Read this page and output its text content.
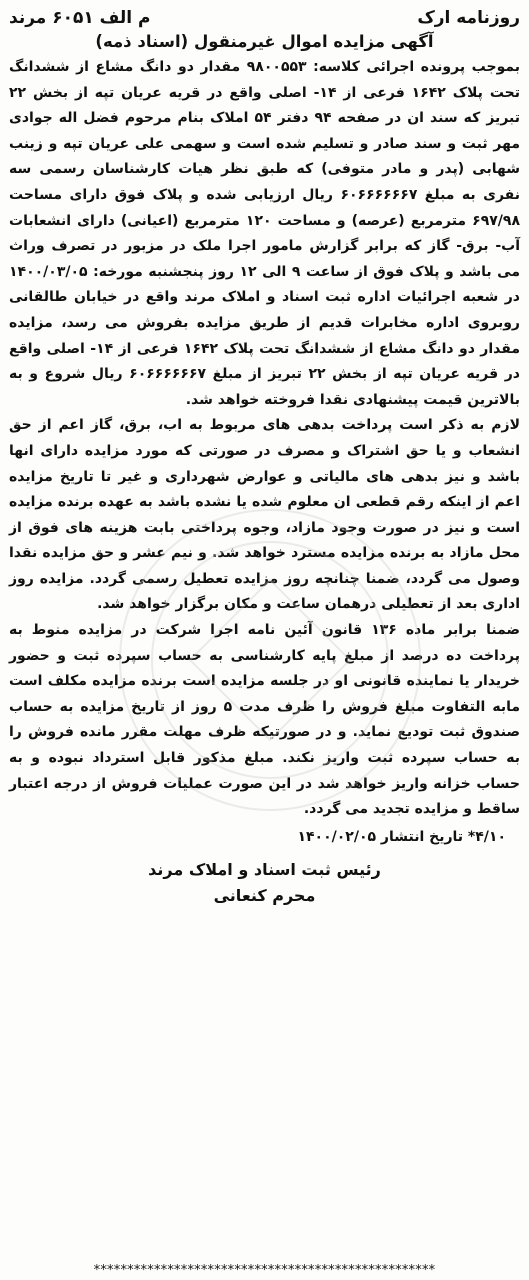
روزنامه ارک
م الف ۶۰۵۱ مرند
آگهی مزایده اموال غیرمنقول (اسناد ذمه)

بموجب پرونده اجرائی کلاسه: ۹۸۰۰۵۵۳ مقدار دو دانگ مشاع از ششدانگ تحت پلاک ۱۶۴۲ فرعی از ۱۴- اصلی واقع در قریه عریان تپه از بخش ۲۲ تبریز که سند ان در صفحه ۹۴ دفتر ۵۴ املاک بنام مرحوم فضل اله جوادی مهر ثبت و سند صادر و تسلیم شده است و سهمی علی عریان تپه و زینب شهابی (پدر و مادر متوفی) که طبق نظر هیات کارشناسان رسمی سه نفری به مبلغ ۶۰۶۶۶۶۶۶۷ ریال ارزیابی شده و پلاک فوق دارای مساحت ۶۹۷/۹۸ مترمربع (عرصه) و مساحت ۱۲۰ مترمربع (اعیانی) دارای انشعابات آب- برق- گاز که برابر گزارش مامور اجرا ملک در مزبور در تصرف وراث می باشد و پلاک فوق از ساعت ۹ الی ۱۲ روز پنجشنبه مورخه: ۱۴۰۰/۰۳/۰۵ در شعبه اجرائیات اداره ثبت اسناد و املاک مرند واقع در خیابان طالقانی روبروی اداره مخابرات قدیم از طریق مزایده بفروش می رسد، مزایده مقدار دو دانگ مشاع از ششدانگ تحت پلاک ۱۶۴۲ فرعی از ۱۴- اصلی واقع در قریه عریان تپه از بخش ۲۲ تبریز از مبلغ ۶۰۶۶۶۶۶۶۷ ریال شروع و به بالاترین قیمت پیشنهادی نقدا فروخته خواهد شد.

لازم به ذکر است پرداخت بدهی های مربوط به اب، برق، گاز اعم از حق انشعاب و یا حق اشتراک و مصرف در صورتی که مورد مزایده دارای انها باشد و نیز بدهی های مالیاتی و عوارض شهرداری و غیر تا تاریخ مزایده اعم از اینکه رقم قطعی ان معلوم شده یا نشده باشد به عهده برنده مزایده است و نیز در صورت وجود مازاد، وجوه پرداختی بابت هزینه های فوق از محل مازاد به برنده مزایده مسترد خواهد شد. و نیم عشر و حق مزایده نقدا وصول می گردد، ضمنا چنانچه روز مزایده تعطیل رسمی گردد. مزایده روز اداری بعد از تعطیلی درهمان ساعت و مکان برگزار خواهد شد.

ضمنا برابر ماده ۱۳۶ قانون آئین نامه اجرا شرکت در مزایده منوط به پرداخت ده درصد از مبلغ پایه کارشناسی به حساب سپرده ثبت و حضور خریدار یا نماینده قانونی او در جلسه مزایده است برنده مزایده مکلف است مابه التفاوت مبلغ فروش را ظرف مدت ۵ روز از تاریخ مزایده به حساب صندوق ثبت تودیع نماید. و در صورتیکه ظرف مهلت مقرر مانده فروش را به حساب سپرده ثبت واریز نکند. مبلغ مذکور قابل استرداد نبوده و به حساب خزانه واریز خواهد شد در این صورت عملیات فروش از درجه اعتبار ساقط و مزایده تجدید می گردد.

۴/۱۰* تاریخ انتشار ۱۴۰۰/۰۲/۰۵
رئیس ثبت اسناد و املاک مرند
محرم کنعانی
***************************************************
